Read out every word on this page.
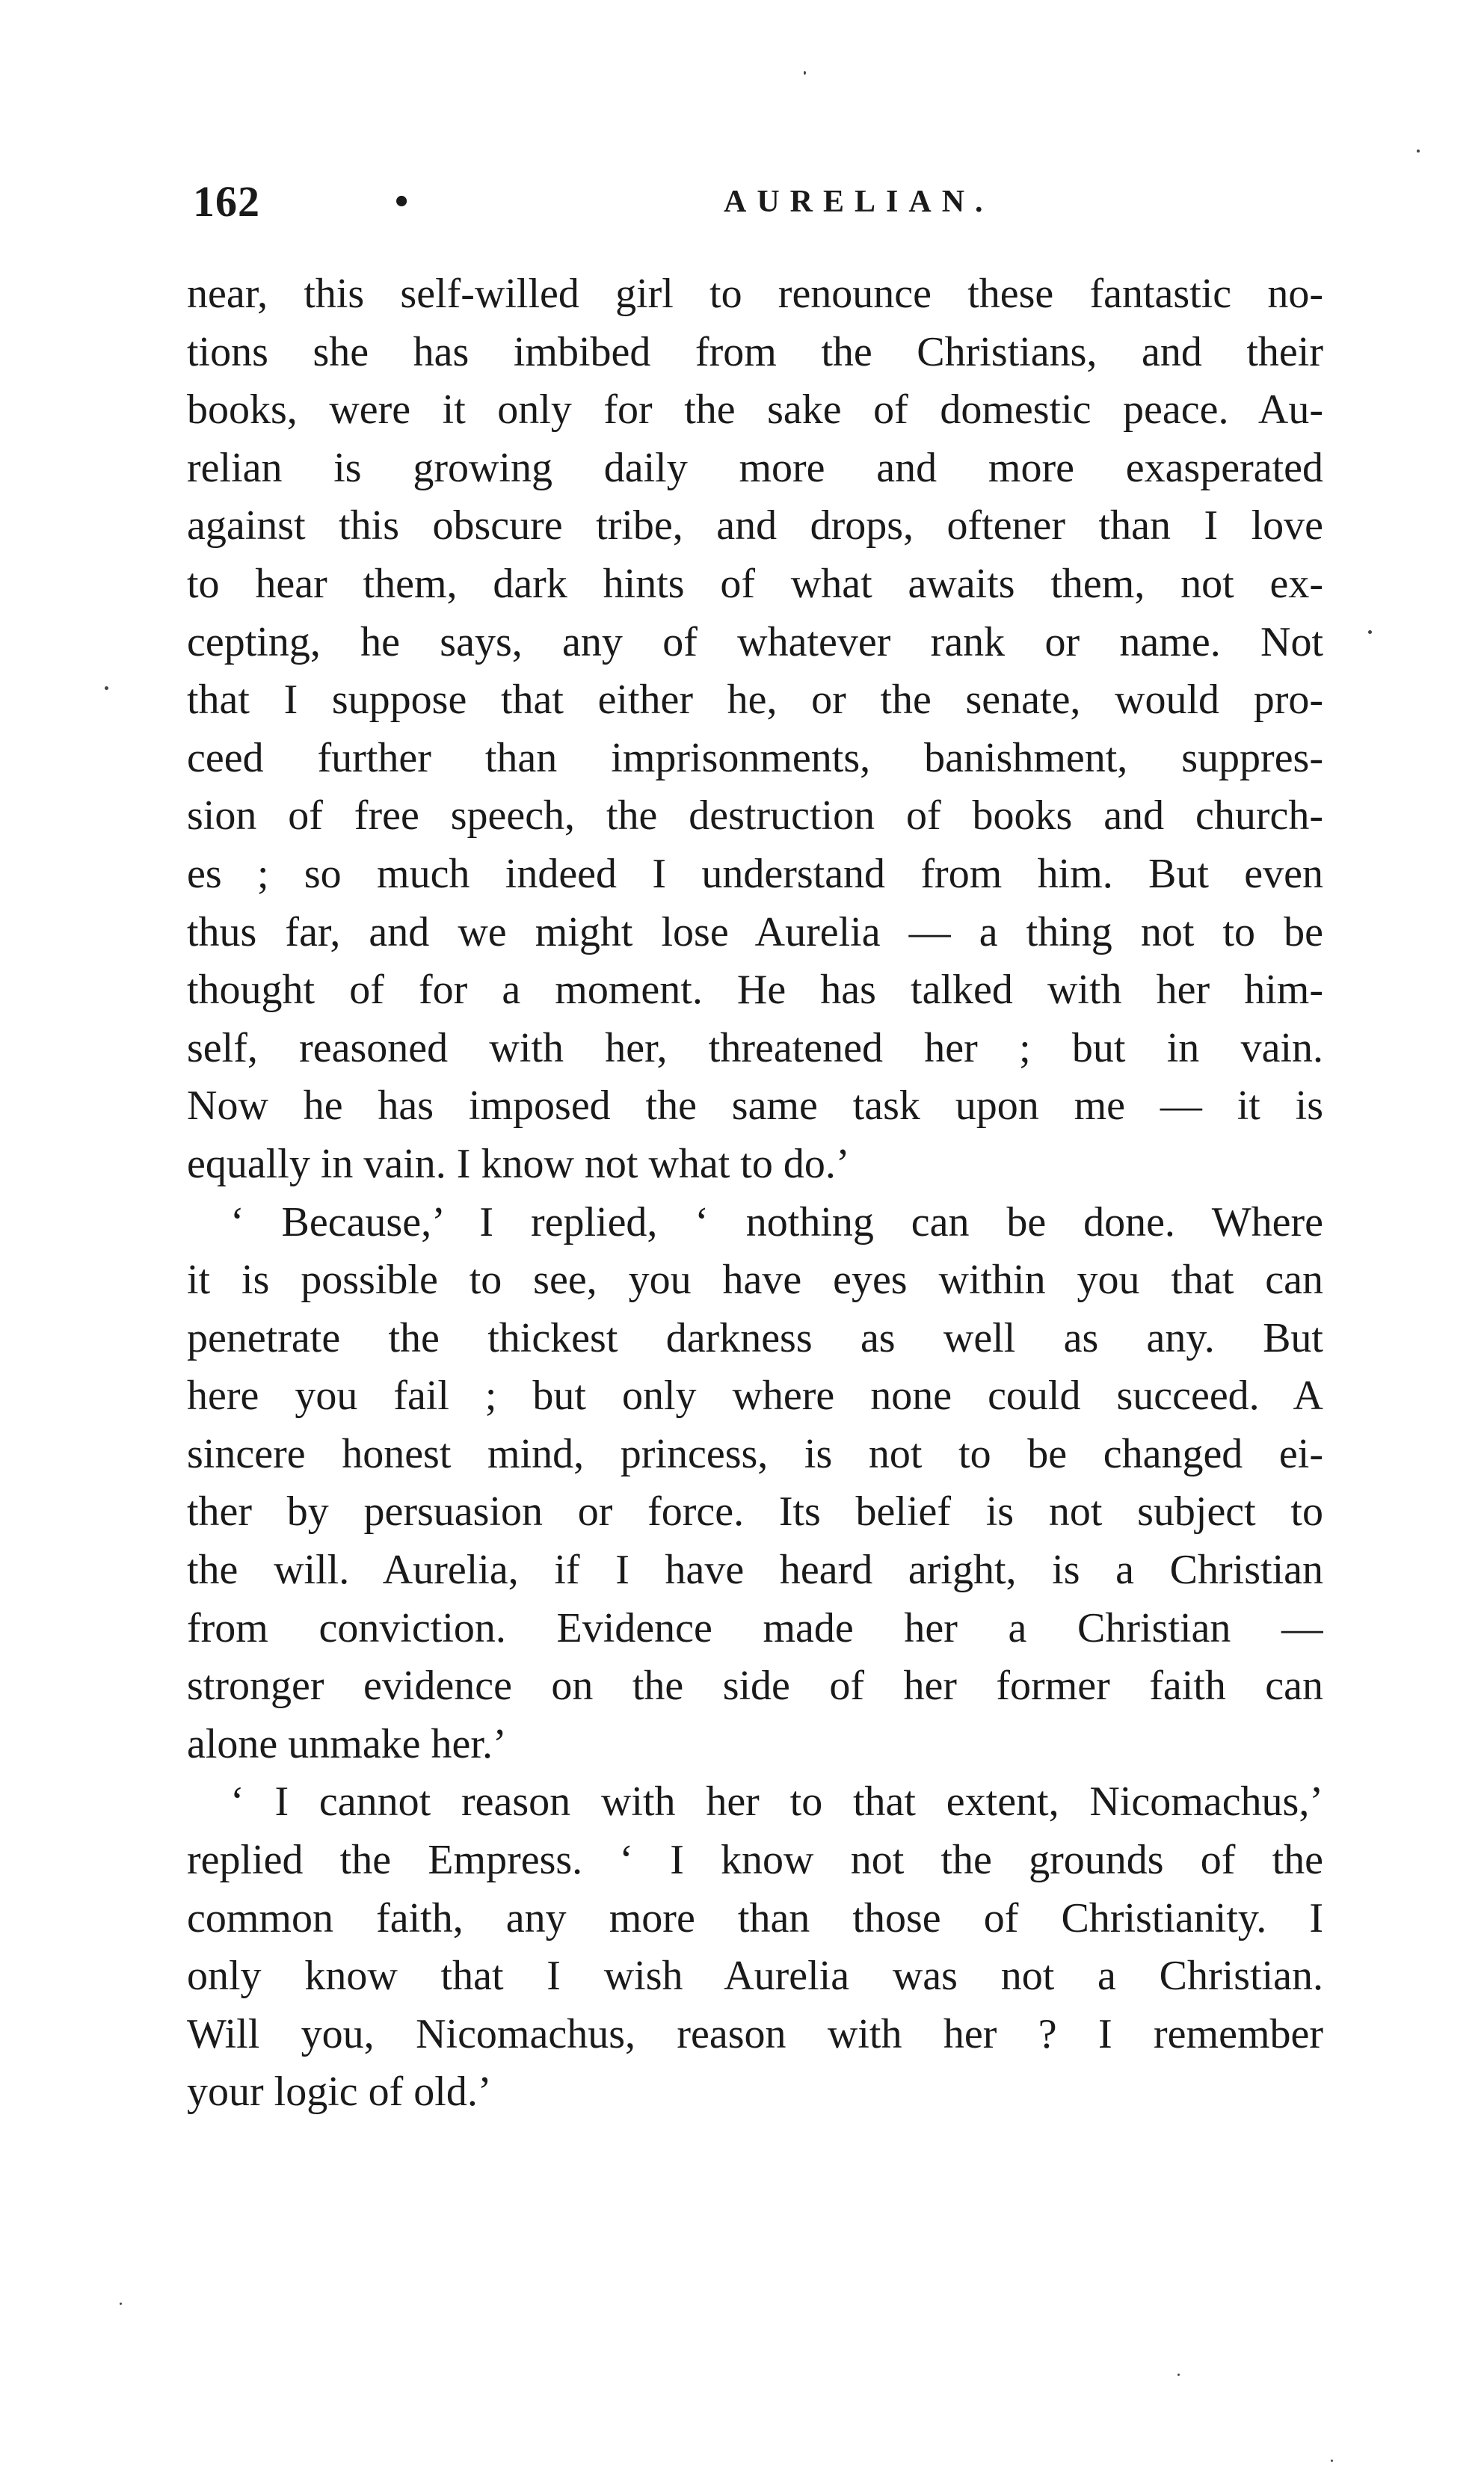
162	•	AURELIAN.
near, this self-willed girl to renounce these fantastic no-
tions she has imbibed from the Christians, and their
books, were it only for the sake of domestic peace. Au-
relian is growing daily more and more exasperated
against this obscure tribe, and drops, oftener than I love
to hear them, dark hints of what awaits them, not ex-
cepting, he says, any of whatever rank or name. Not
that I suppose that either he, or the senate, would pro-
ceed further than imprisonments, banishment, suppres-
sion of free speech, the destruction of books and church-
es ; so much indeed I understand from him. But even
thus far, and we might lose Aurelia — a thing not to be
thought of for a moment. He has talked with her him-
self, reasoned with her, threatened her ; but in vain.
Now he has imposed the same task upon me — it is
equally in vain. I know not what to do.’
‘ Because,’ I replied, ‘ nothing can be done. Where
it is possible to see, you have eyes within you that can
penetrate the thickest darkness as well as any. But
here you fail ; but only where none could succeed. A
sincere honest mind, princess, is not to be changed ei-
ther by persuasion or force. Its belief is not subject to
the will. Aurelia, if I have heard aright, is a Christian
from conviction. Evidence made her a Christian —
stronger evidence on the side of her former faith can
alone unmake her.’
‘ I cannot reason with her to that extent, Nicomachus,’
replied the Empress. ‘ I know not the grounds of the
common faith, any more than those of Christianity. I
only know that I wish Aurelia was not a Christian.
Will you, Nicomachus, reason with her ? I remember
your logic of old.’
